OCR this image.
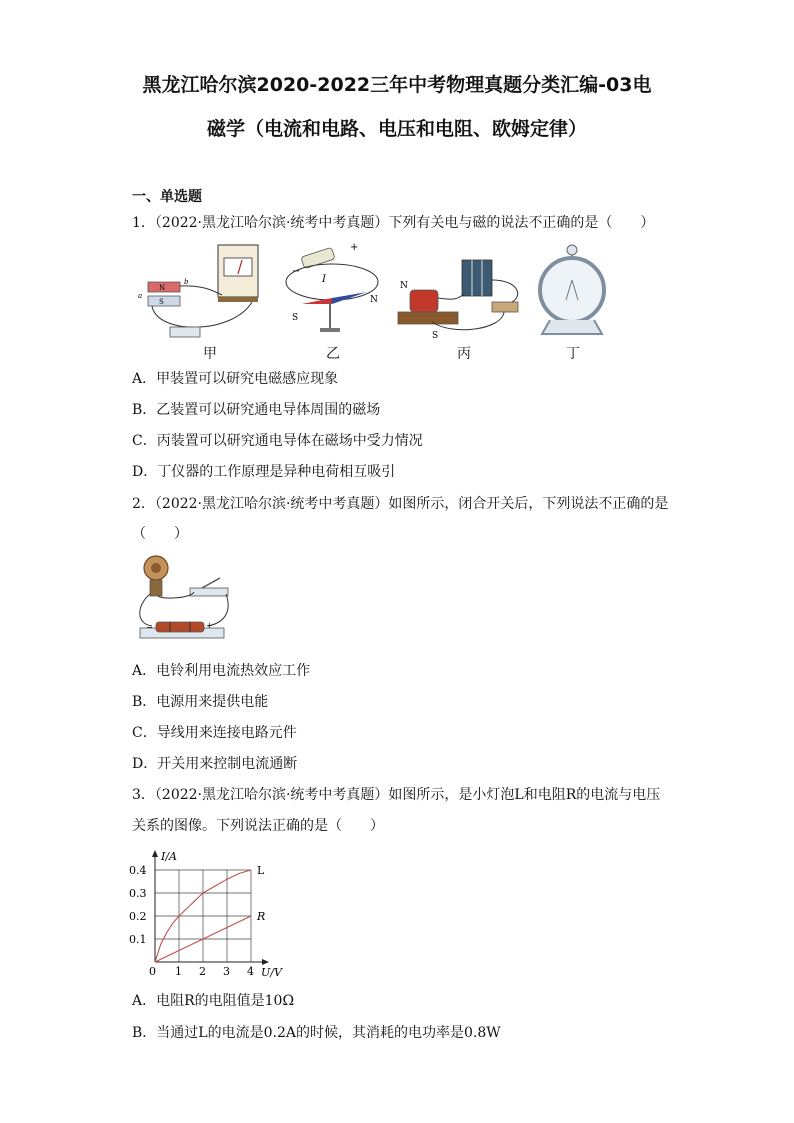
黑龙江哈尔滨2020-2022三年中考物理真题分类汇编-03电
磁学（电流和电路、电压和电阻、欧姆定律）
一、单选题
1．（2022·黑龙江哈尔滨·统考中考真题）下列有关电与磁的说法不正确的是（　　）
N
S
a
b
+
−
I
S
N
N
S
甲	乙	丙	丁
A．甲装置可以研究电磁感应现象
B．乙装置可以研究通电导体周围的磁场
C．丙装置可以研究通电导体在磁场中受力情况
D．丁仪器的工作原理是异种电荷相互吸引
2．（2022·黑龙江哈尔滨·统考中考真题）如图所示，闭合开关后，下列说法不正确的是
（　　）
−	+
A．电铃利用电流热效应工作
B．电源用来提供电能
C．导线用来连接电路元件
D．开关用来控制电流通断
3．（2022·黑龙江哈尔滨·统考中考真题）如图所示，是小灯泡L和电阻R的电流与电压
关系的图像。下列说法正确的是（　　）
1 2 3 4
0.1
0.2
0.3
0.4
0	U/V
I/A
L
R
A．电阻R的电阻值是10Ω
B．当通过L的电流是0.2A的时候，其消耗的电功率是0.8W
